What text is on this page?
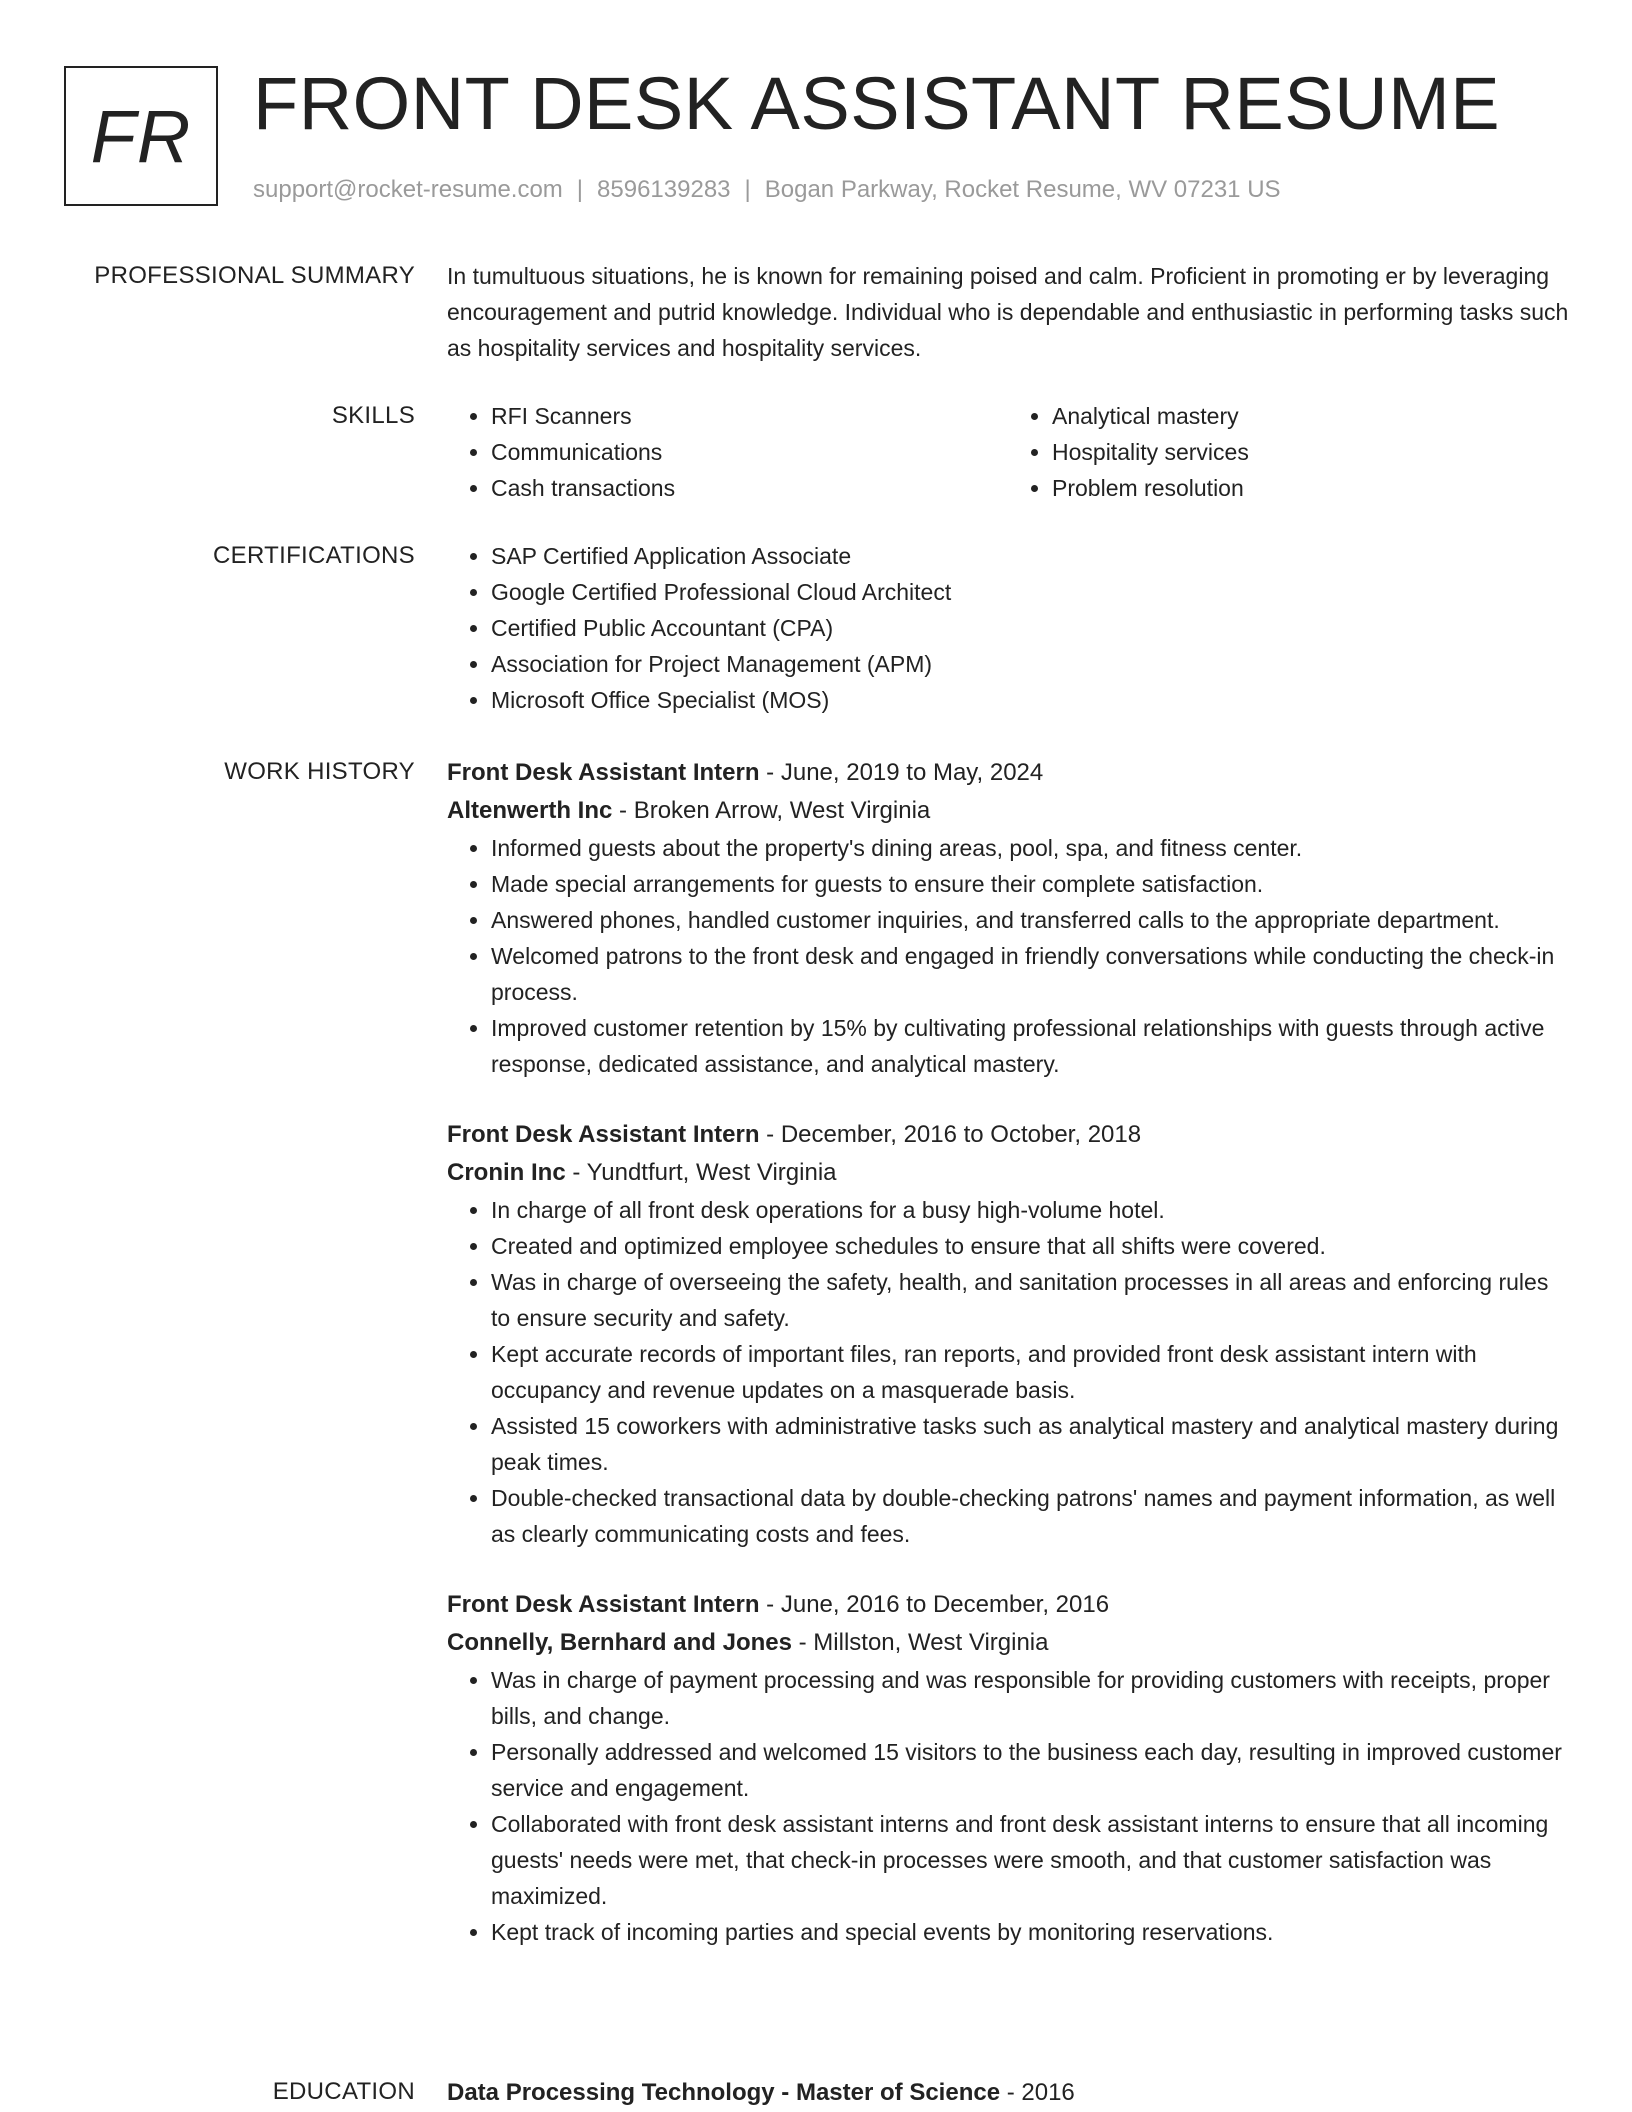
FR FRONT DESK ASSISTANT RESUME
support@rocket-resume.com | 8596139283 | Bogan Parkway, Rocket Resume, WV 07231 US
PROFESSIONAL SUMMARY In tumultuous situations, he is known for remaining poised and calm. Proficient in promoting er by leveraging encouragement and putrid knowledge. Individual who is dependable and enthusiastic in performing tasks such as hospitality services and hospitality services.

SKILLS	• RFI Scanners
• Communications
• Cash transactions
• Analytical mastery
• Hospitality services
• Problem resolution
CERTIFICATIONS	• SAP Certified Application Associate
• Google Certified Professional Cloud Architect
• Certified Public Accountant (CPA)
• Association for Project Management (APM)
• Microsoft Office Specialist (MOS)
WORK HISTORY Front Desk Assistant Intern - June, 2019 to May, 2024
Altenwerth Inc - Broken Arrow, West Virginia
• Informed guests about the property's dining areas, pool, spa, and fitness center.
• Made special arrangements for guests to ensure their complete satisfaction.
• Answered phones, handled customer inquiries, and transferred calls to the appropriate department.
• Welcomed patrons to the front desk and engaged in friendly conversations while conducting the check-in process.
• Improved customer retention by 15% by cultivating professional relationships with guests through active response, dedicated assistance, and analytical mastery.
Front Desk Assistant Intern - December, 2016 to October, 2018
Cronin Inc - Yundtfurt, West Virginia
• In charge of all front desk operations for a busy high-volume hotel.
• Created and optimized employee schedules to ensure that all shifts were covered.
• Was in charge of overseeing the safety, health, and sanitation processes in all areas and enforcing rules to ensure security and safety.
• Kept accurate records of important files, ran reports, and provided front desk assistant intern with occupancy and revenue updates on a masquerade basis.
• Assisted 15 coworkers with administrative tasks such as analytical mastery and analytical mastery during peak times.
• Double-checked transactional data by double-checking patrons' names and payment information, as well as clearly communicating costs and fees.
Front Desk Assistant Intern - June, 2016 to December, 2016
Connelly, Bernhard and Jones - Millston, West Virginia
• Was in charge of payment processing and was responsible for providing customers with receipts, proper bills, and change.
• Personally addressed and welcomed 15 visitors to the business each day, resulting in improved customer service and engagement.
• Collaborated with front desk assistant interns and front desk assistant interns to ensure that all incoming guests' needs were met, that check-in processes were smooth, and that customer satisfaction was maximized.
• Kept track of incoming parties and special events by monitoring reservations.
EDUCATION Data Processing Technology - Master of Science - 2016
